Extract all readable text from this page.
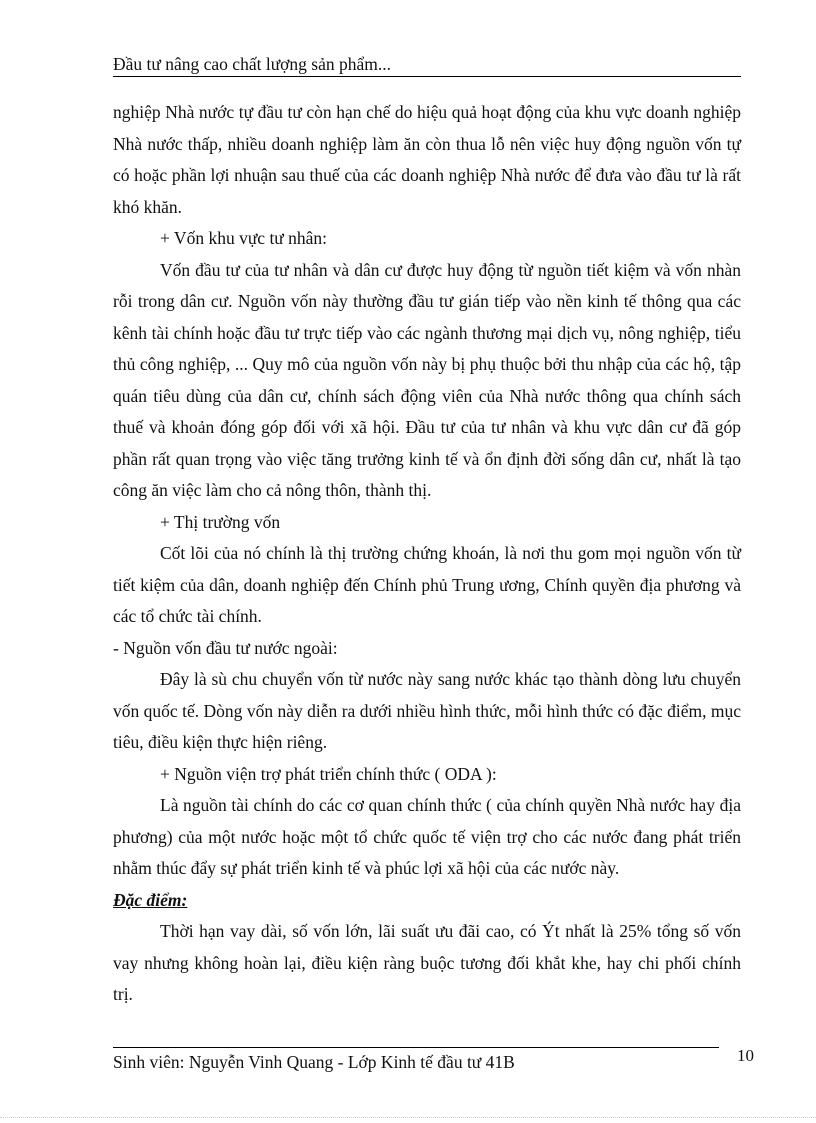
Đầu tư nâng cao chất lượng sản phẩm...

nghiệp Nhà nước tự đầu tư còn hạn chế do hiệu quả hoạt động của khu vực doanh nghiệp Nhà nước thấp, nhiều doanh nghiệp làm ăn còn thua lỗ nên việc huy động nguồn vốn tự có hoặc phần lợi nhuận sau thuế của các doanh nghiệp Nhà nước để đưa vào đầu tư là rất khó khăn.

+ Vốn khu vực tư nhân:

Vốn đầu tư của tư nhân và dân cư được huy động từ nguồn tiết kiệm và vốn nhàn rỗi trong dân cư. Nguồn vốn này thường đầu tư gián tiếp vào nền kinh tế thông qua các kênh tài chính hoặc đầu tư trực tiếp vào các ngành thương mại dịch vụ, nông nghiệp, tiểu thủ công nghiệp, ... Quy mô của nguồn vốn này bị phụ thuộc bởi thu nhập của các hộ, tập quán tiêu dùng của dân cư, chính sách động viên của Nhà nước thông qua chính sách thuế và khoản đóng góp đối với xã hội. Đầu tư của tư nhân và khu vực dân cư đã góp phần rất quan trọng vào việc tăng trưởng kinh tế và ổn định đời sống dân cư, nhất là tạo công ăn việc làm cho cả nông thôn, thành thị.

+ Thị trường vốn

Cốt lõi của nó chính là thị trường chứng khoán, là nơi thu gom mọi nguồn vốn từ tiết kiệm của dân, doanh nghiệp đến Chính phủ Trung ương, Chính quyền địa phương và các tổ chức tài chính.

- Nguồn vốn đầu tư nước ngoài:

Đây là sù chu chuyển vốn từ nước này sang nước khác tạo thành dòng lưu chuyển vốn quốc tế. Dòng vốn này diễn ra dưới nhiều hình thức, mỗi hình thức có đặc điểm, mục tiêu, điều kiện thực hiện riêng.

+ Nguồn viện trợ phát triển chính thức ( ODA ):

Là nguồn tài chính do các cơ quan chính thức ( của chính quyền Nhà nước hay địa phương) của một nước hoặc một tổ chức quốc tế viện trợ cho các nước đang phát triển nhằm thúc đẩy sự phát triển kinh tế và phúc lợi xã hội của các nước này.

Đặc điểm:

Thời hạn vay dài, số vốn lớn, lãi suất ưu đãi cao, có Ýt nhất là 25% tổng số vốn vay nhưng không hoàn lại, điều kiện ràng buộc tương đối khắt khe, hay chi phối chính trị.

Sinh viên: Nguyễn Vinh Quang - Lớp Kinh tế đầu tư 41B	10
